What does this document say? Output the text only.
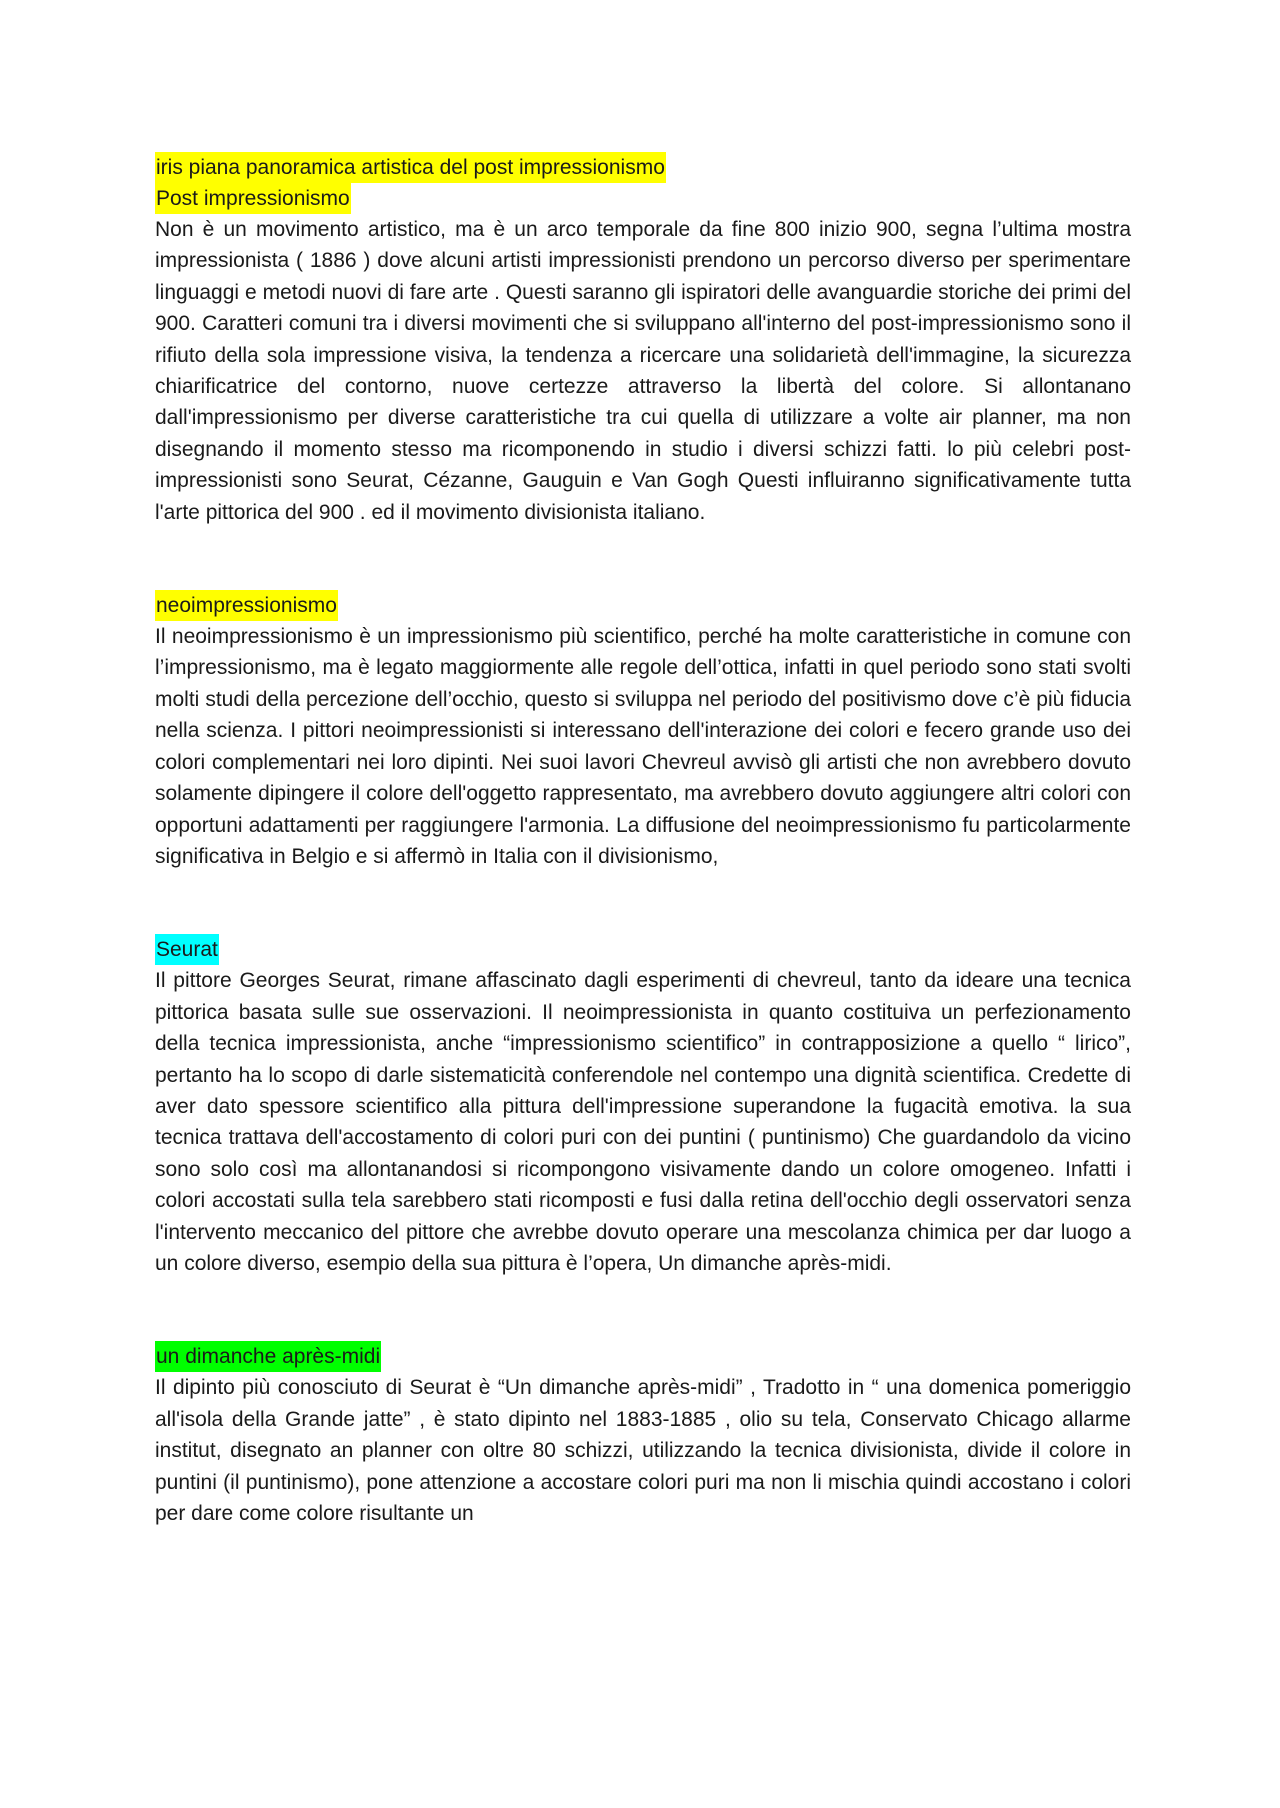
iris piana panoramica artistica del post impressionismo
Post impressionismo

Non è un movimento artistico, ma è un arco temporale da fine 800 inizio 900, segna l’ultima mostra impressionista ( 1886 ) dove alcuni artisti impressionisti prendono un percorso diverso per sperimentare linguaggi e metodi nuovi di fare arte . Questi saranno gli ispiratori delle avanguardie storiche dei primi del 900. Caratteri comuni tra i diversi movimenti che si sviluppano all'interno del post-impressionismo sono il rifiuto della sola impressione visiva, la tendenza a ricercare una solidarietà dell'immagine, la sicurezza chiarificatrice del contorno, nuove certezze attraverso la libertà del colore. Si allontanano dall'impressionismo per diverse caratteristiche tra cui quella di utilizzare a volte air planner, ma non disegnando il momento stesso ma ricomponendo in studio i diversi schizzi fatti. lo più celebri post-impressionisti sono Seurat, Cézanne, Gauguin e Van Gogh Questi influiranno significativamente tutta l'arte pittorica del 900 . ed il movimento divisionista italiano.

neoimpressionismo

Il neoimpressionismo è un impressionismo più scientifico, perché ha molte caratteristiche in comune con l’impressionismo, ma è legato maggiormente alle regole dell’ottica, infatti in quel periodo sono stati svolti molti studi della percezione dell’occhio, questo si sviluppa nel periodo del positivismo dove c’è più fiducia nella scienza. I pittori neoimpressionisti si interessano dell'interazione dei colori e fecero grande uso dei colori complementari nei loro dipinti. Nei suoi lavori Chevreul avvisò gli artisti che non avrebbero dovuto solamente dipingere il colore dell'oggetto rappresentato, ma avrebbero dovuto aggiungere altri colori con opportuni adattamenti per raggiungere l'armonia. La diffusione del neoimpressionismo fu particolarmente significativa in Belgio e si affermò in Italia con il divisionismo,

Seurat

Il pittore Georges Seurat, rimane affascinato dagli esperimenti di chevreul, tanto da ideare una tecnica pittorica basata sulle sue osservazioni. Il neoimpressionista in quanto costituiva un perfezionamento della tecnica impressionista, anche “impressionismo scientifico” in contrapposizione a quello “ lirico”, pertanto ha lo scopo di darle sistematicità conferendole nel contempo una dignità scientifica. Credette di aver dato spessore scientifico alla pittura dell'impressione superandone la fugacità emotiva. la sua tecnica trattava dell'accostamento di colori puri con dei puntini ( puntinismo) Che guardandolo da vicino sono solo così ma allontanandosi si ricompongono visivamente dando un colore omogeneo. Infatti i colori accostati sulla tela sarebbero stati ricomposti e fusi dalla retina dell'occhio degli osservatori senza l'intervento meccanico del pittore che avrebbe dovuto operare una mescolanza chimica per dar luogo a un colore diverso, esempio della sua pittura è l’opera, Un dimanche après-midi.

un dimanche après-midi

Il dipinto più conosciuto di Seurat è “Un dimanche après-midi” , Tradotto in “ una domenica pomeriggio all'isola della Grande jatte” , è stato dipinto nel 1883-1885 , olio su tela, Conservato Chicago allarme institut, disegnato an planner con oltre 80 schizzi, utilizzando la tecnica divisionista, divide il colore in puntini (il puntinismo), pone attenzione a accostare colori puri ma non li mischia quindi accostano i colori per dare come colore risultante un
